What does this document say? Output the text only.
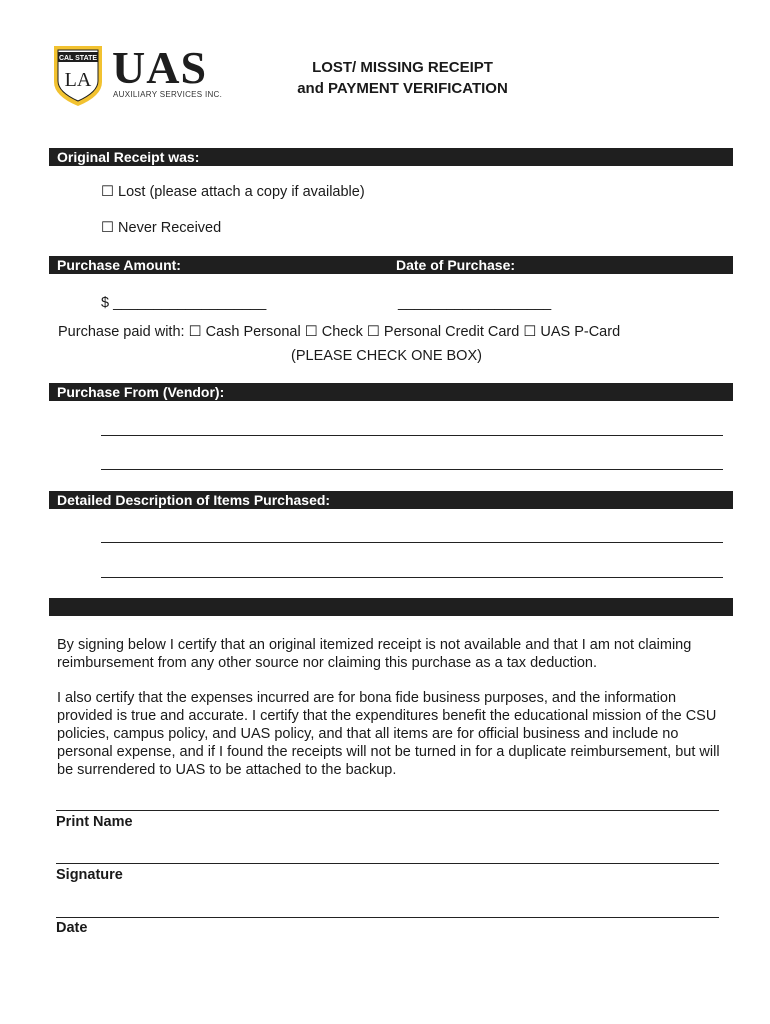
CAL STATE
LA UAS
AUXILIARY SERVICES INC.
LOST/ MISSING RECEIPT
and PAYMENT VERIFICATION
Original Receipt was:
☐ Lost (please attach a copy if available)
☐ Never Received
Purchase Amount:	Date of Purchase:
$ ___________________	___________________
Purchase paid with: ☐ Cash Personal ☐ Check ☐ Personal Credit Card ☐ UAS P-Card
(PLEASE CHECK ONE BOX)
Purchase From (Vendor):
Detailed Description of Items Purchased:

By signing below I certify that an original itemized receipt is not available and that I am not claiming reimbursement from any other source nor claiming this purchase as a tax deduction.

I also certify that the expenses incurred are for bona fide business purposes, and the information provided is true and accurate. I certify that the expenditures benefit the educational mission of the CSU policies, campus policy, and UAS policy, and that all items are for official business and include no personal expense, and if I found the receipts will not be turned in for a duplicate reimbursement, but will be surrendered to UAS to be attached to the backup.

Print Name
Signature
Date
